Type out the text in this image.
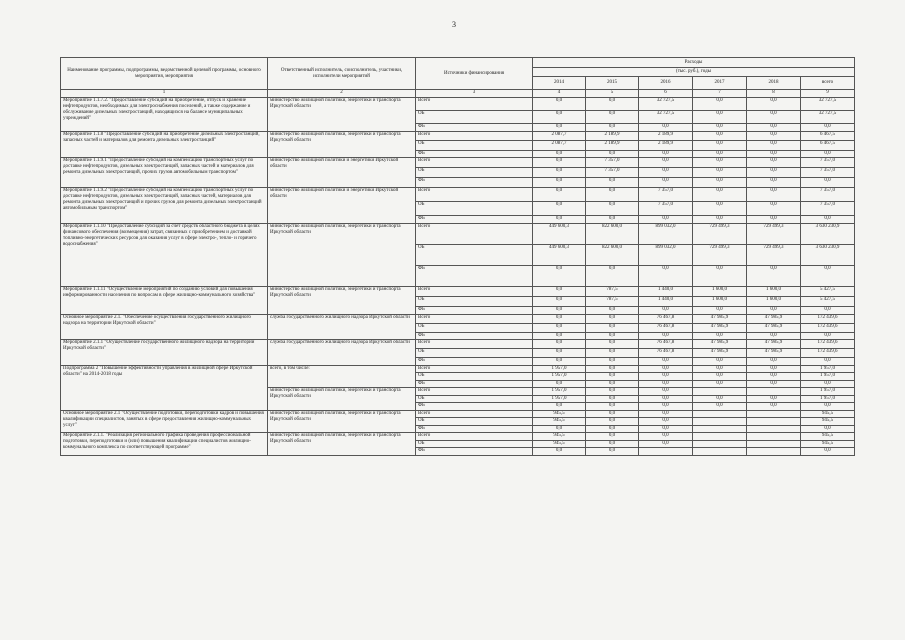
3
Наименование программы, подпрограммы, ведомственной целевой программы, основного мероприятия, мероприятия	Ответственный исполнитель, соисполнитель, участники, исполнители мероприятий	Источники финансирования	Расходы					
			(тыс. руб.), годы					
			2014	2015	2016	2017	2018	всего
1	2	3	4	5	6	7	8	9
Мероприятие 1.1.7.2. "Предоставление субсидий на приобретение, отпуск и хранение нефтепродуктов, необходимых для электроснабжения поселений, а также содержание и обслуживание дизельных электростанций, находящихся на балансе муниципальных учреждений"	министерство жилищной политики, энергетики и транспорта Иркутской области	Всего	0,0	0,0	32 727,5	0,0	0,0	32 727,5
		ОБ	0,0	0,0	32 727,5	0,0	0,0	32 727,5
		ФБ	0,0	0,0	0,0	0,0	0,0	0,0
Мероприятие 1.1.8 "Предоставление субсидий на приобретение дизельных электростанций, запасных частей и материалов для ремонта дизельных электростанций"	министерство жилищной политики, энергетики и транспорта Иркутской области	Всего	2 087,7	2 189,9	2 189,9	0,0	0,0	6 467,5
		ОБ	2 087,7	2 189,9	2 189,9	0,0	0,0	6 467,5
		ФБ	0,0	0,0	0,0	0,0	0,0	0,0
Мероприятие 1.1.9.1 "Предоставление субсидий на компенсацию транспортных услуг по доставке нефтепродуктов, дизельных электростанций, запасных частей и материалов для ремонта дизельных электростанций, прочих грузов автомобильным транспортом"	министерство жилищной политики и энергетики Иркутской области	Всего	0,0	7 357,0	0,0	0,0	0,0	7 357,0
		ОБ	0,0	7 357,0	0,0	0,0	0,0	7 357,0
		ФБ	0,0	0,0	0,0	0,0	0,0	0,0
Мероприятие 1.1.9.2 "Предоставление субсидий на компенсацию транспортных услуг по доставке нефтепродуктов, дизельных электростанций, запасных частей, материалов для ремонта дизельных электростанций и прочих грузов для ремонта дизельных электростанций автомобильным транспортом"	министерство жилищной политики и энергетики Иркутской области	Всего	0,0	0,0	7 357,0	0,0	0,0	7 357,0
		ОБ	0,0	0,0	7 357,0	0,0	0,0	7 357,0
		ФБ	0,0	0,0	0,0	0,0	0,0	0,0
Мероприятие 1.1.10 "Предоставление субсидий за счет средств областного бюджета в целях финансового обеспечения (возмещения) затрат, связанных с приобретением и доставкой топливно-энергетических ресурсов для оказания услуг в сфере электро-, тепло- и горячего водоснабжения"	министерство жилищной политики, энергетики и транспорта Иркутской области	Всего	449 600,3	822 600,0	899 032,0	729 499,3	729 499,3	3 630 230,9
		ОБ	449 600,3	822 600,0	899 032,0	729 499,3	729 499,3	3 630 230,9
		ФБ	0,0	0,0	0,0	0,0	0,0	0,0
Мероприятие 1.1.11 "Осуществление мероприятий по созданию условий для повышения информированности населения по вопросам в сфере жилищно-коммунального хозяйства"	министерство жилищной политики, энергетики и транспорта Иркутской области	Всего	0,0	787,5	1 440,0	1 600,0	1 600,0	5 427,5
		ОБ	0,0	787,5	1 440,0	1 600,0	1 600,0	5 427,5
		ФБ	0,0	0,0	0,0	0,0	0,0	0,0
Основное мероприятие 2.1. "Обеспечение осуществления государственного жилищного надзора на территории Иркутской области"	служба государственного жилищного надзора Иркутской области	Всего	0,0	0,0	76 467,8	47 985,9	47 985,9	172 439,6
		ОБ	0,0	0,0	76 467,8	47 985,9	47 985,9	172 439,6
		ФБ	0,0	0,0	0,0	0,0	0,0	0,0
Мероприятие 2.1.1 "Осуществление государственного жилищного надзора на территории Иркутской области"	служба государственного жилищного надзора Иркутской области	Всего	0,0	0,0	76 467,8	47 985,9	47 985,9	172 439,6
		ОБ	0,0	0,0	76 467,8	47 985,9	47 985,9	172 439,6
		ФБ	0,0	0,0	0,0	0,0	0,0	0,0
Подпрограмма 2 "Повышение эффективности управления в жилищной сфере Иркутской области" на 2014-2018 годы	всего, в том числе:	Всего	1 957,0	0,0	0,0	0,0	0,0	1 957,0
		ОБ	1 957,0	0,0	0,0	0,0	0,0	1 957,0
		ФБ	0,0	0,0	0,0	0,0	0,0	0,0
	министерство жилищной политики, энергетики и транспорта Иркутской области	Всего	1 957,0	0,0	0,0			1 957,0
		ОБ	1 957,0	0,0	0,0	0,0	0,0	1 957,0
		ФБ	0,0	0,0	0,0	0,0	0,0	0,0
Основное мероприятие 2.1 "Осуществление подготовки, переподготовки кадров и повышения квалификации специалистов, занятых в сфере предоставления жилищно-коммунальных услуг"	министерство жилищной политики, энергетики и транспорта Иркутской области	Всего	945,5	0,0	0,0			945,5
		ОБ	945,5	0,0	0,0			945,5
		ФБ	0,0	0,0	0,0			0,0
Мероприятие 2.1.1. "Реализация регионального графика проведения профессиональной подготовки, переподготовки и (или) повышения квалификации специалистов жилищно-коммунального комплекса по соответствующей программе"	министерство жилищной политики, энергетики и транспорта Иркутской области	Всего	945,5	0,0	0,0			945,5
		ОБ	945,5	0,0	0,0			945,5
		ФБ	0,0	0,0				0,0
